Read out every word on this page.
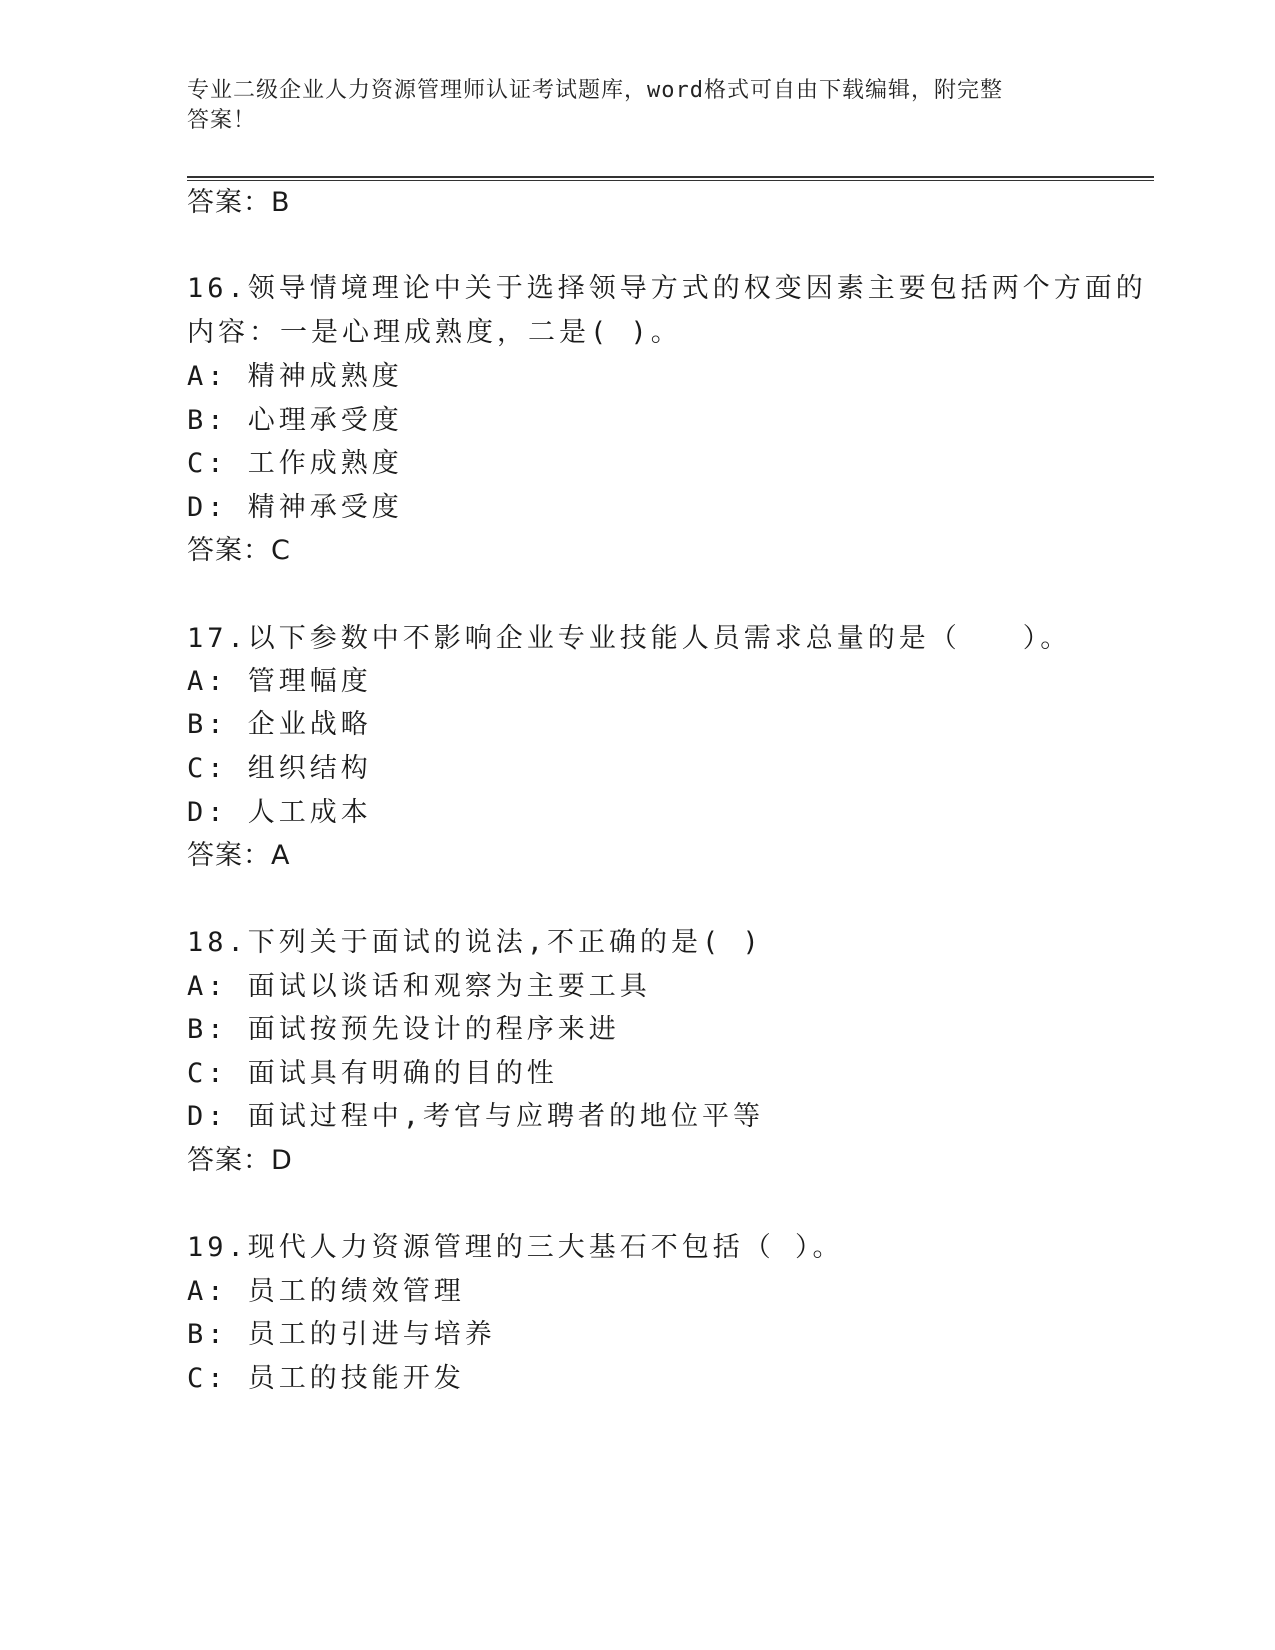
专业二级企业人力资源管理师认证考试题库，word格式可自由下载编辑，附完整
答案！
答案：B
16.领导情境理论中关于选择领导方式的权变因素主要包括两个方面的
内容：一是心理成熟度，二是( )。
A: 精神成熟度
B: 心理承受度
C: 工作成熟度
D: 精神承受度
答案：C
17.以下参数中不影响企业专业技能人员需求总量的是（　　）。
A: 管理幅度
B: 企业战略
C: 组织结构
D: 人工成本
答案：A
18.下列关于面试的说法,不正确的是( )
A: 面试以谈话和观察为主要工具
B: 面试按预先设计的程序来进
C: 面试具有明确的目的性
D: 面试过程中,考官与应聘者的地位平等
答案：D
19.现代人力资源管理的三大基石不包括（ ）。
A: 员工的绩效管理
B: 员工的引进与培养
C: 员工的技能开发
